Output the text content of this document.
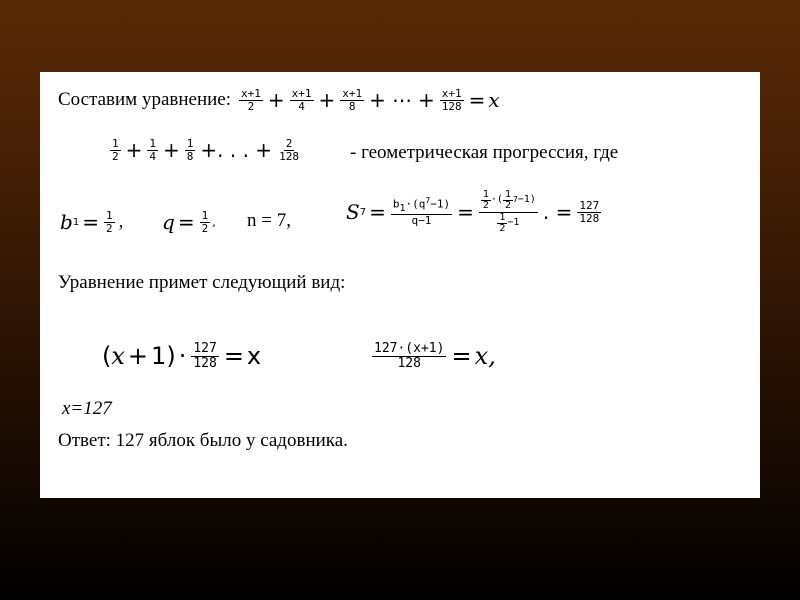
Составим уравнение: $\frac{x+1}{2} + \frac{x+1}{4} + \frac{x+1}{8}$ + ⋯ + $\frac{x+1}{128} = x$
$\frac{1}{2} + \frac{1}{4} + \frac{1}{8}$ +. . . + $\frac{2}{128}$	- геометрическая прогрессия, где
b $1 = \frac{1}{2}$ , $q = \frac{1}{2}$ , n = 7,	S $7 = \frac{b_1\cdot(q^7-1)}{q-1} = \frac{\frac{1}{2} \cdot ( \frac{1}{2} 7 -1)}{\frac{1}{2} -1}$ . = $\frac{127}{128}$
Уравнение примет следующий вид:
( x + 1 ) · $\frac{127}{128} = x$	$\frac{127\cdot(x+1)}{128} = x$,
x=127
Ответ: 127 яблок было у садовника.
